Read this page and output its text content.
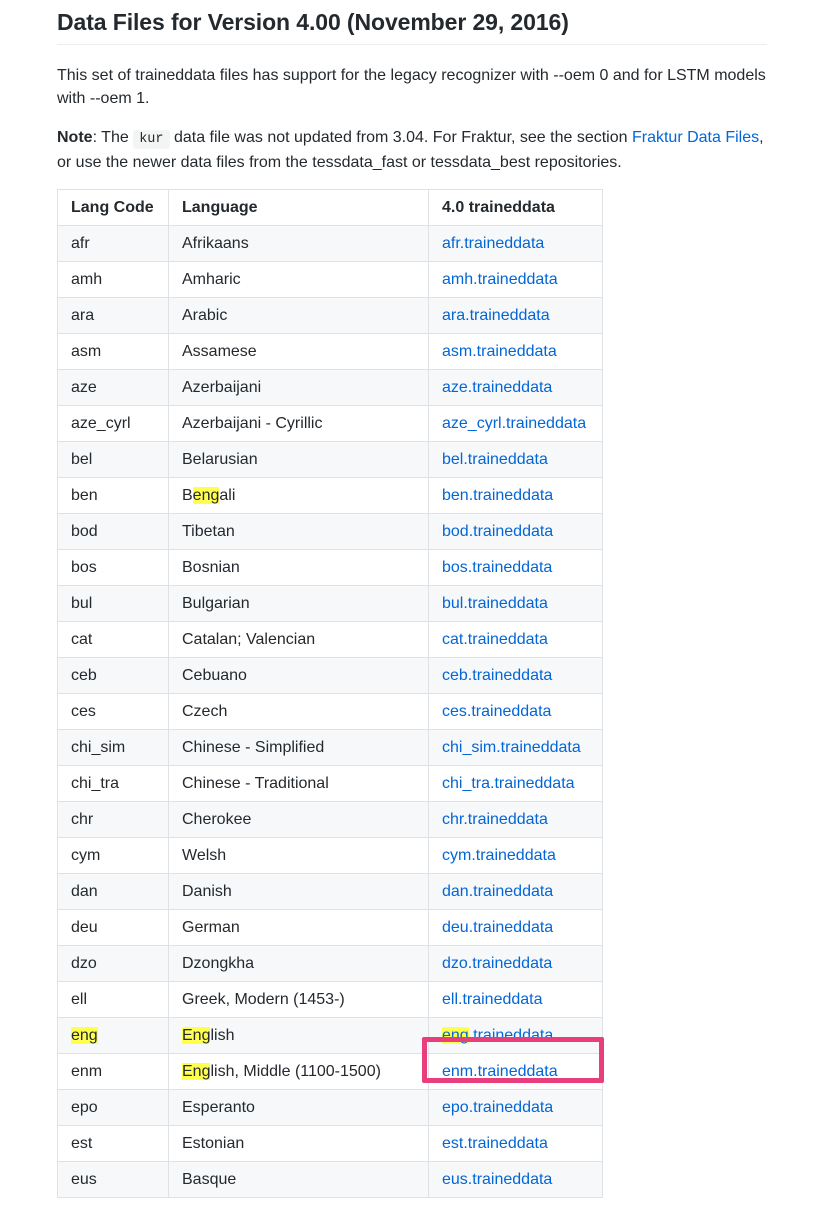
Data Files for Version 4.00 (November 29, 2016)

This set of traineddata files has support for the legacy recognizer with --oem 0 and for LSTM models with --oem 1.

Note: The kur data file was not updated from 3.04. For Fraktur, see the section Fraktur Data Files, or use the newer data files from the tessdata_fast or tessdata_best repositories.

Lang Code	Language	4.0 traineddata
afr	Afrikaans	afr.traineddata
amh	Amharic	amh.traineddata
ara	Arabic	ara.traineddata
asm	Assamese	asm.traineddata
aze	Azerbaijani	aze.traineddata
aze_cyrl	Azerbaijani - Cyrillic	aze_cyrl.traineddata
bel	Belarusian	bel.traineddata
ben	Bengali	ben.traineddata
bod	Tibetan	bod.traineddata
bos	Bosnian	bos.traineddata
bul	Bulgarian	bul.traineddata
cat	Catalan; Valencian	cat.traineddata
ceb	Cebuano	ceb.traineddata
ces	Czech	ces.traineddata
chi_sim	Chinese - Simplified	chi_sim.traineddata
chi_tra	Chinese - Traditional	chi_tra.traineddata
chr	Cherokee	chr.traineddata
cym	Welsh	cym.traineddata
dan	Danish	dan.traineddata
deu	German	deu.traineddata
dzo	Dzongkha	dzo.traineddata
ell	Greek, Modern (1453-)	ell.traineddata
eng	English	eng.traineddata
enm	English, Middle (1100-1500)	enm.traineddata
epo	Esperanto	epo.traineddata
est	Estonian	est.traineddata
eus	Basque	eus.traineddata
